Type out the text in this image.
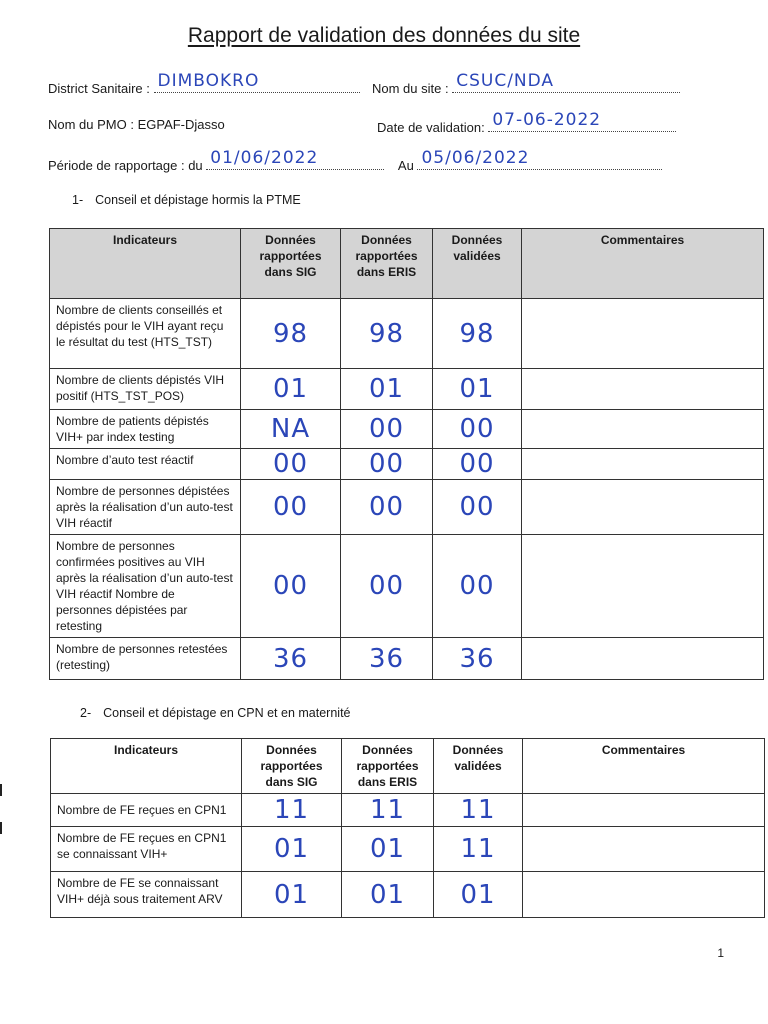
Rapport de validation des données du site
District Sanitaire : DIMBOKRO	Nom du site : CSUC/NDA
Nom du PMO : EGPAF-Djasso	Date de validation: 07-06-2022
Période de rapportage : du 01/06/2022	Au 05/06/2022
1- Conseil et dépistage hormis la PTME
Indicateurs	Données rapportées dans SIG	Données rapportées dans ERIS	Données validées	Commentaires
Nombre de clients conseillés et dépistés pour le VIH ayant reçu le résultat du test (HTS_TST)	98	98	98	
Nombre de clients dépistés VIH positif (HTS_TST_POS)	01	01	01	
Nombre de patients dépistés VIH+ par index testing	NA	00	00	
Nombre d’auto test réactif	00	00	00	
Nombre de personnes dépistées après la réalisation d’un auto-test VIH réactif	00	00	00	
Nombre de personnes confirmées positives au VIH après la réalisation d’un auto-test VIH réactif Nombre de personnes dépistées par retesting	00	00	00	
Nombre de personnes retestées (retesting)	36	36	36	
2- Conseil et dépistage en CPN et en maternité
Indicateurs	Données rapportées dans SIG	Données rapportées dans ERIS	Données validées	Commentaires
Nombre de FE reçues en CPN1	11	11	11	
Nombre de FE reçues en CPN1 se connaissant VIH+	01	01	11	
Nombre de FE se connaissant VIH+ déjà sous traitement ARV	01	01	01	
1
